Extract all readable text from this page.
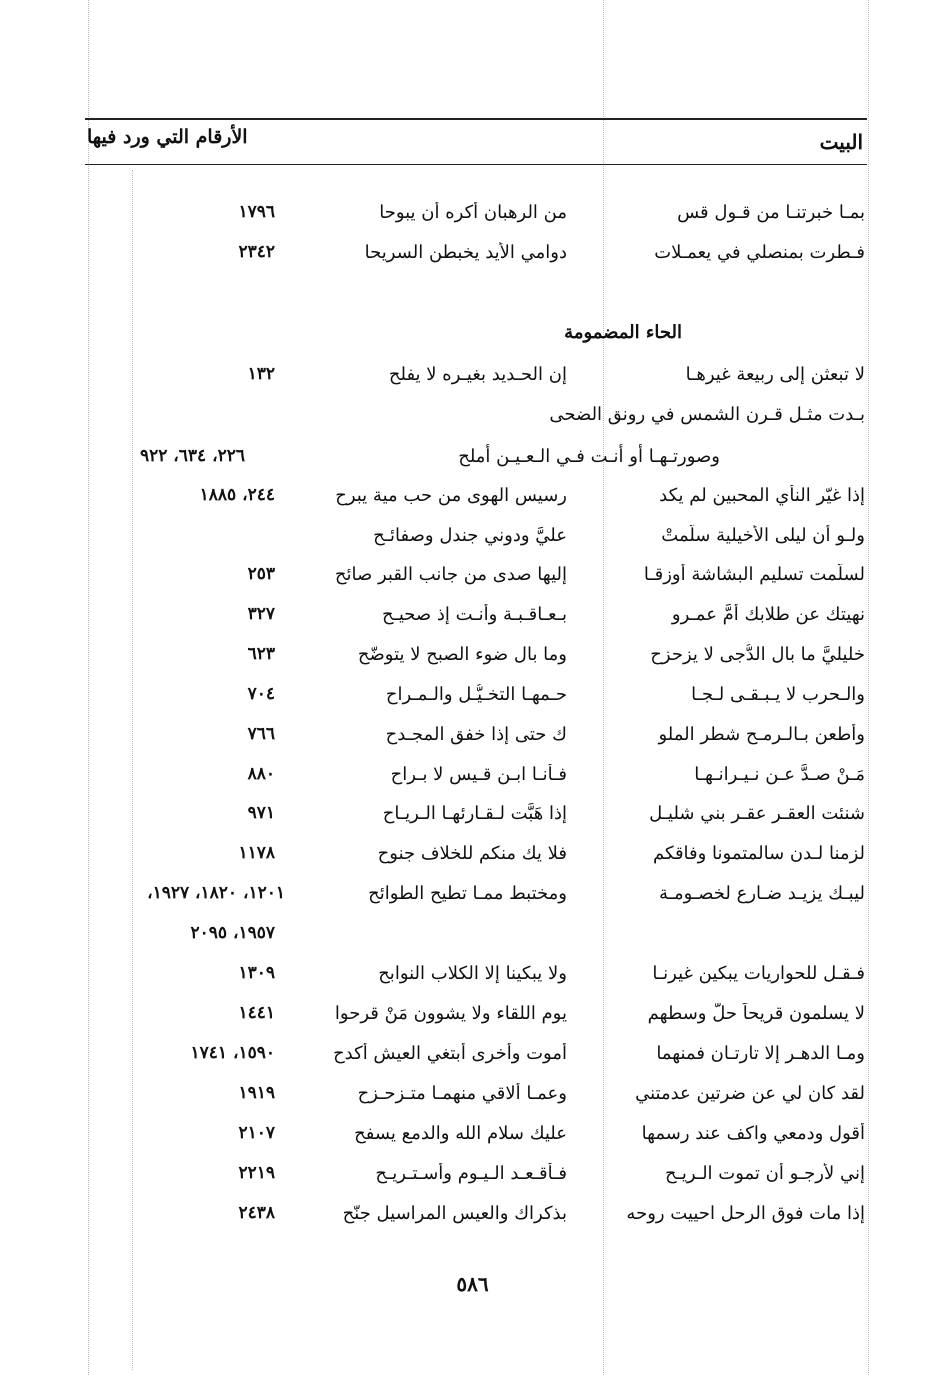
البيت
الأرقام التي ورد فيها
بمـا خبرتنـا من قـول قس
من الرهبان أكره أن يبوحا
١٧٩٦
فـطرت بمنصلي في يعمـلات
دوامي الأيد يخبطن السريحا
٢٣٤٢
الحاء المضمومة
لا تبعثن إلى ربيعة غيرهـا
إن الحـديد بغيـره لا يفلح
١٣٢
بـدت مثـل قـرن الشمس في رونق الضحى
وصورتـهـا أو أنـت فـي الـعـيـن أملح
٢٢٦، ٦٣٤، ٩٢٢
إذا غيّر النأي المحبين لم يكد
رسيس الهوى من حب مية يبرح
٢٤٤، ١٨٨٥
ولـو أن ليلى الأخيلية سلّمتْ
عليَّ ودوني جندل وصفائـح
لسلّمت تسليم البشاشة أوزقـا
إليها صدى من جانب القبر صائح
٢٥٣
نهيتك عن طلابك أمَّ عمـرو
بـعـاقـبـة وأنـت إذ صحيـح
٣٢٧
خليليَّ ما بال الدُّجى لا يزحزح
وما بال ضوء الصبح لا يتوضّح
٦٢٣
والـحرب لا يـبـقـى لـجـا
حـمهـا التخـيُّـل والـمـراح
٧٠٤
وأطعن بـالـرمـح شطر الملو
ك حتى إذا خفق المجـدح
٧٦٦
مَـنْ صـدَّ عـن نـيـرانـهـا
فـأنـا ابـن قـيس لا بـراح
٨٨٠
شنئت العقـر عقـر بني شليـل
إذا هَبَّت لـقـارئهـا الـريـاح
٩٧١
لزمنا لـدن سالمتمونا وفاقكم
فلا يك منكم للخلاف جنوح
١١٧٨
ليبـك يزيـد ضـارع لخصـومـة
ومختبط ممـا تطيح الطوائح
١٢٠١، ١٨٢٠، ١٩٢٧،
١٩٥٧، ٢٠٩٥
فـقـل للحواريات يبكين غيرنـا
ولا يبكينا إلا الكلاب النوابح
١٣٠٩
لا يسلمون قريحاً حلّ وسطهم
يوم اللقاء ولا يشوون مَنْ قرحوا
١٤٤١
ومـا الدهـر إلا تارتـان فمنهما
أموت وأخرى أبتغي العيش أكدح
١٥٩٠، ١٧٤١
لقد كان لي عن ضرتين عدمتني
وعمـا ألاقي منهمـا متـزحـزح
١٩١٩
أقول ودمعي واكف عند رسمها
عليك سلام الله والدمع يسفح
٢١٠٧
إني لأرجـو أن تموت الـريـح
فـأقـعـد الـيـوم وأسـتـريـح
٢٢١٩
إذا مات فوق الرحل احييت روحه
بذكراك والعيس المراسيل جنّح
٢٤٣٨
٥٨٦
